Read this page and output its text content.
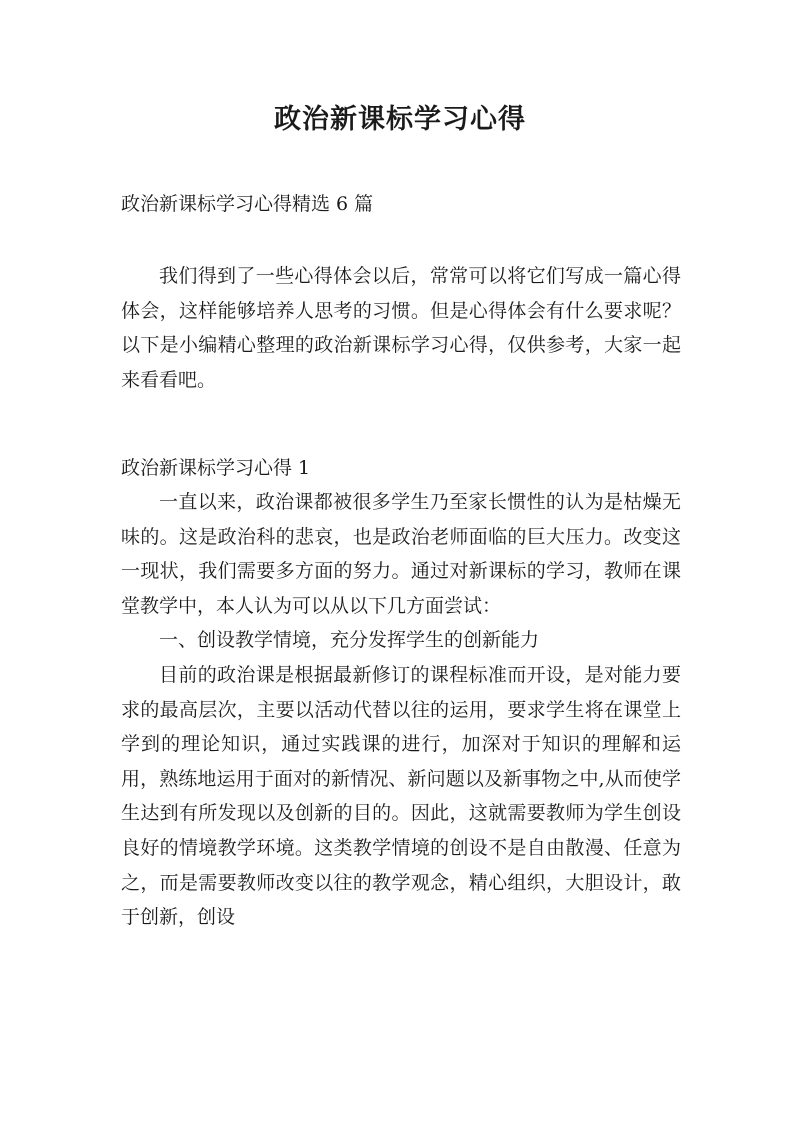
政治新课标学习心得

政治新课标学习心得精选 6 篇

我们得到了一些心得体会以后，常常可以将它们写成一篇心得体会，这样能够培养人思考的习惯。但是心得体会有什么要求呢？以下是小编精心整理的政治新课标学习心得，仅供参考，大家一起来看看吧。

政治新课标学习心得 1

一直以来，政治课都被很多学生乃至家长惯性的认为是枯燥无味的。这是政治科的悲哀，也是政治老师面临的巨大压力。改变这一现状，我们需要多方面的努力。通过对新课标的学习，教师在课堂教学中，本人认为可以从以下几方面尝试：

一、创设教学情境，充分发挥学生的创新能力

目前的政治课是根据最新修订的课程标准而开设，是对能力要求的最高层次，主要以活动代替以往的运用，要求学生将在课堂上学到的理论知识，通过实践课的进行，加深对于知识的理解和运用，熟练地运用于面对的新情况、新问题以及新事物之中,从而使学生达到有所发现以及创新的目的。因此，这就需要教师为学生创设良好的情境教学环境。这类教学情境的创设不是自由散漫、任意为之，而是需要教师改变以往的教学观念，精心组织，大胆设计，敢于创新，创设
